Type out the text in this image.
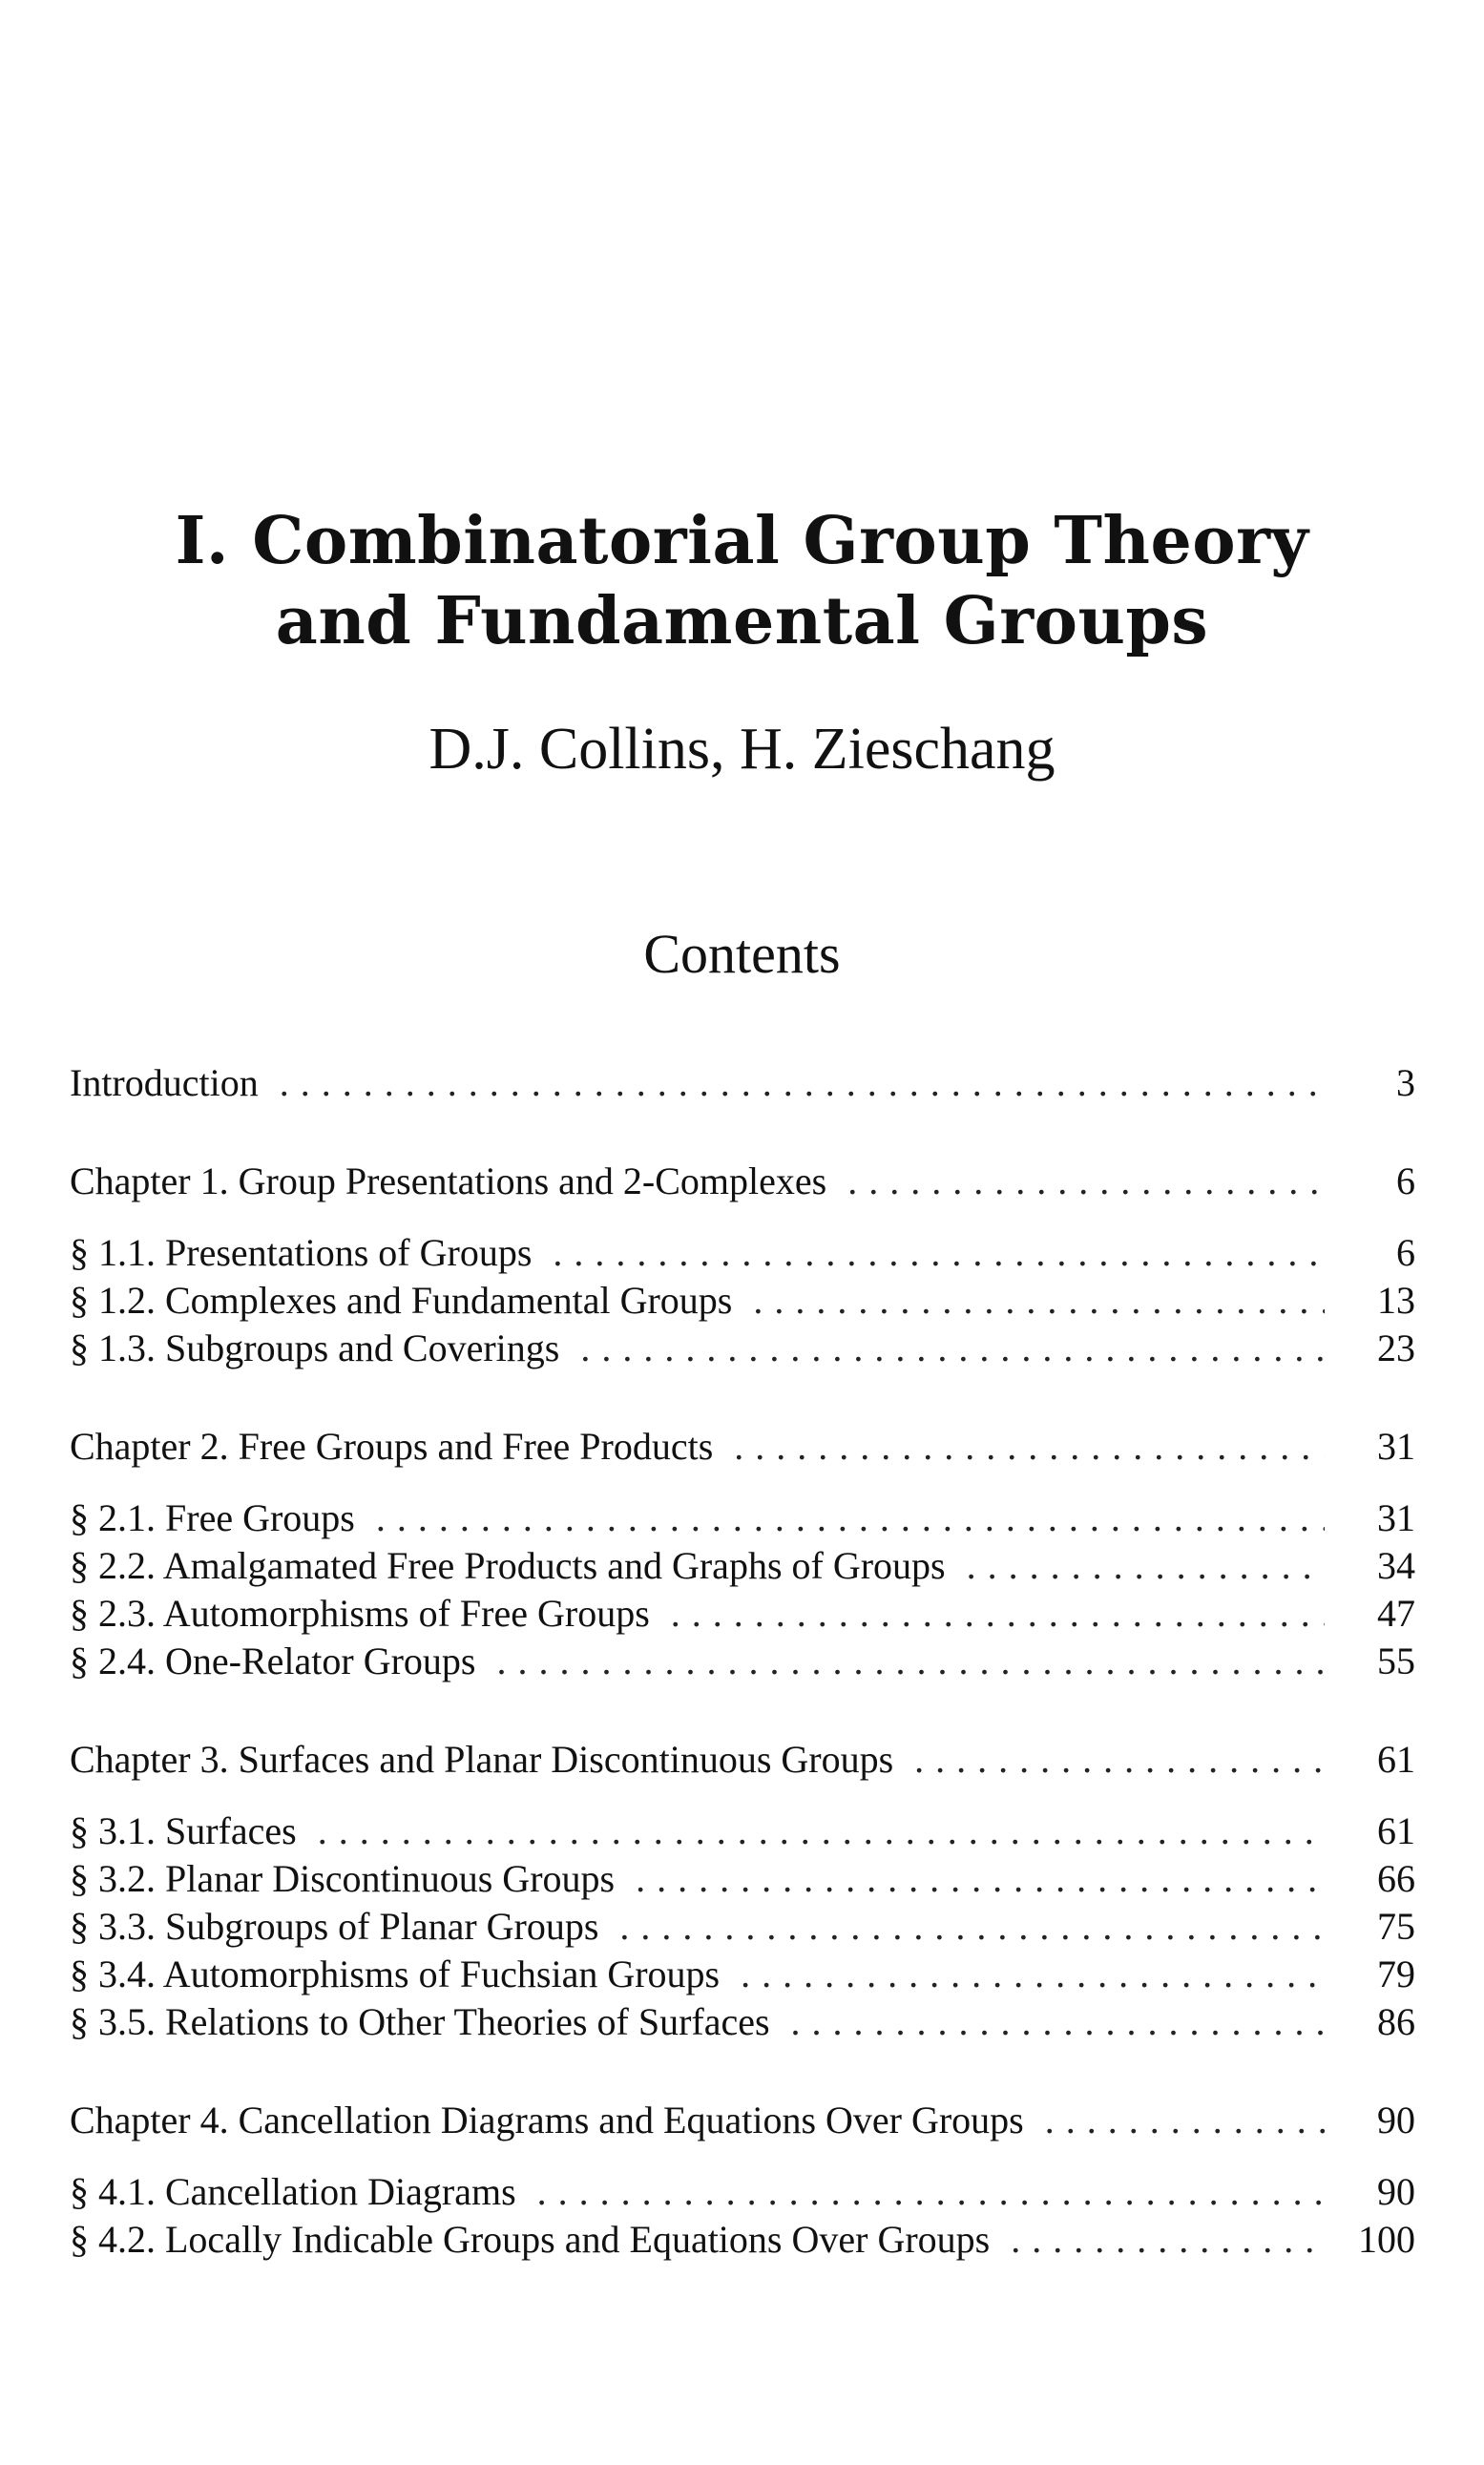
I. Combinatorial Group Theory
and Fundamental Groups
D.J. Collins, H. Zieschang
Contents
Introduction . . .	3
Chapter 1. Group Presentations and 2-Complexes . . .	6
§ 1.1. Presentations of Groups . . .	6
§ 1.2. Complexes and Fundamental Groups . . .	13
§ 1.3. Subgroups and Coverings . . .	23
Chapter 2. Free Groups and Free Products . . .	31
§ 2.1. Free Groups . . .	31
§ 2.2. Amalgamated Free Products and Graphs of Groups . . .	34
§ 2.3. Automorphisms of Free Groups . . .	47
§ 2.4. One-Relator Groups . . .	55
Chapter 3. Surfaces and Planar Discontinuous Groups . . .	61
§ 3.1. Surfaces . . .	61
§ 3.2. Planar Discontinuous Groups . . .	66
§ 3.3. Subgroups of Planar Groups . . .	75
§ 3.4. Automorphisms of Fuchsian Groups . . .	79
§ 3.5. Relations to Other Theories of Surfaces . . .	86
Chapter 4. Cancellation Diagrams and Equations Over Groups . . .	90
§ 4.1. Cancellation Diagrams . . .	90
§ 4.2. Locally Indicable Groups and Equations Over Groups . . .	100
